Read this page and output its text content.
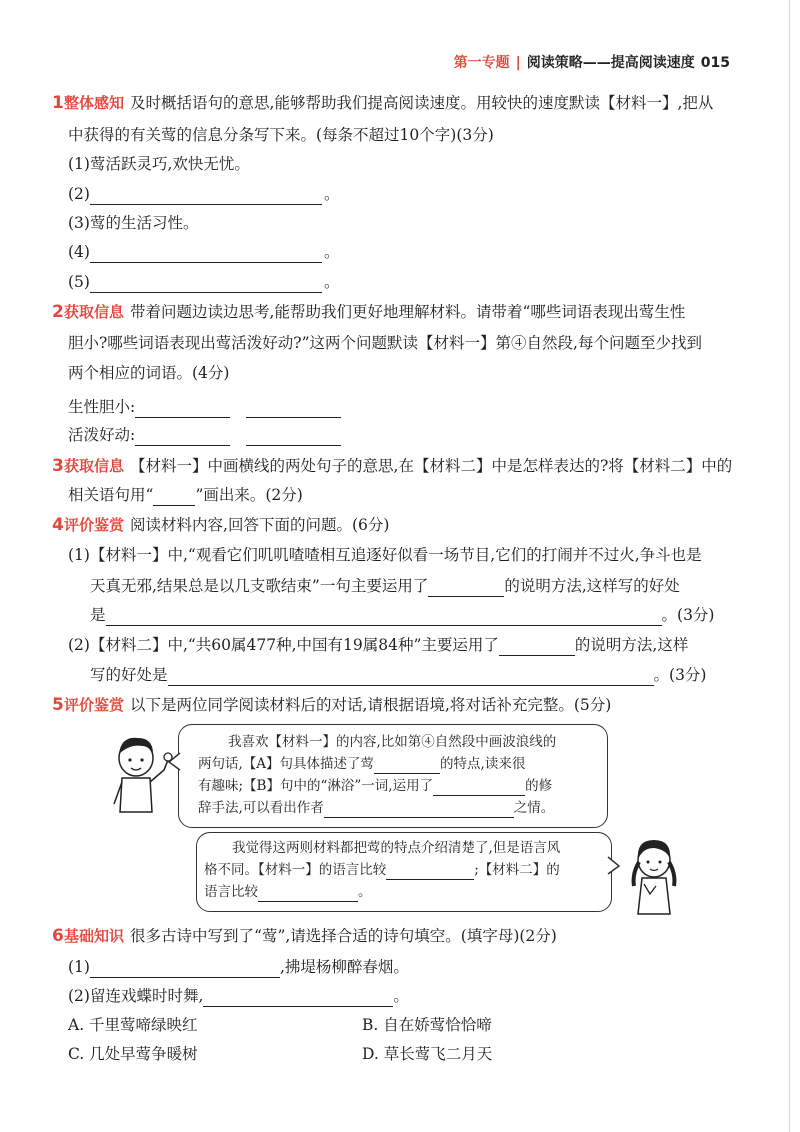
第一专题 | 阅读策略——提高阅读速度 015
1整体感知 及时概括语句的意思,能够帮助我们提高阅读速度。用较快的速度默读【材料一】,把从
中获得的有关莺的信息分条写下来。(每条不超过10个字)(3分)
(1)莺活跃灵巧,欢快无忧。
(2)	。
(3)莺的生活习性。
(4)	。
(5)	。
2获取信息 带着问题边读边思考,能帮助我们更好地理解材料。请带着“哪些词语表现出莺生性
胆小?哪些词语表现出莺活泼好动?”这两个问题默读【材料一】第④自然段,每个问题至少找到
两个相应的词语。(4分)
生性胆小:
活泼好动:
3获取信息 【材料一】中画横线的两处句子的意思,在【材料二】中是怎样表达的?将【材料二】中的
相关语句用“	”画出来。(2分)
4评价鉴赏 阅读材料内容,回答下面的问题。(6分)
(1)【材料一】中,“观看它们叽叽喳喳相互追逐好似看一场节目,它们的打闹并不过火,争斗也是
天真无邪,结果总是以几支歌结束”一句主要运用了	的说明方法,这样写的好处
是	。(3分)
(2)【材料二】中,“共60属477种,中国有19属84种”主要运用了	的说明方法,这样
写的好处是	。(3分)
5评价鉴赏 以下是两位同学阅读材料后的对话,请根据语境,将对话补充完整。(5分)
我喜欢【材料一】的内容,比如第④自然段中画波浪线的
两句话,【A】句具体描述了莺	的特点,读来很
有趣味;【B】句中的“淋浴”一词,运用了	的修
辞手法,可以看出作者	之情。
我觉得这两则材料都把莺的特点介绍清楚了,但是语言风
格不同。【材料一】的语言比较	;【材料二】的
语言比较	。
6基础知识 很多古诗中写到了“莺”,请选择合适的诗句填空。(填字母)(2分)
(1)	,拂堤杨柳醉春烟。
(2)留连戏蝶时时舞,	。
A. 千里莺啼绿映红	B. 自在娇莺恰恰啼
C. 几处早莺争暖树	D. 草长莺飞二月天
